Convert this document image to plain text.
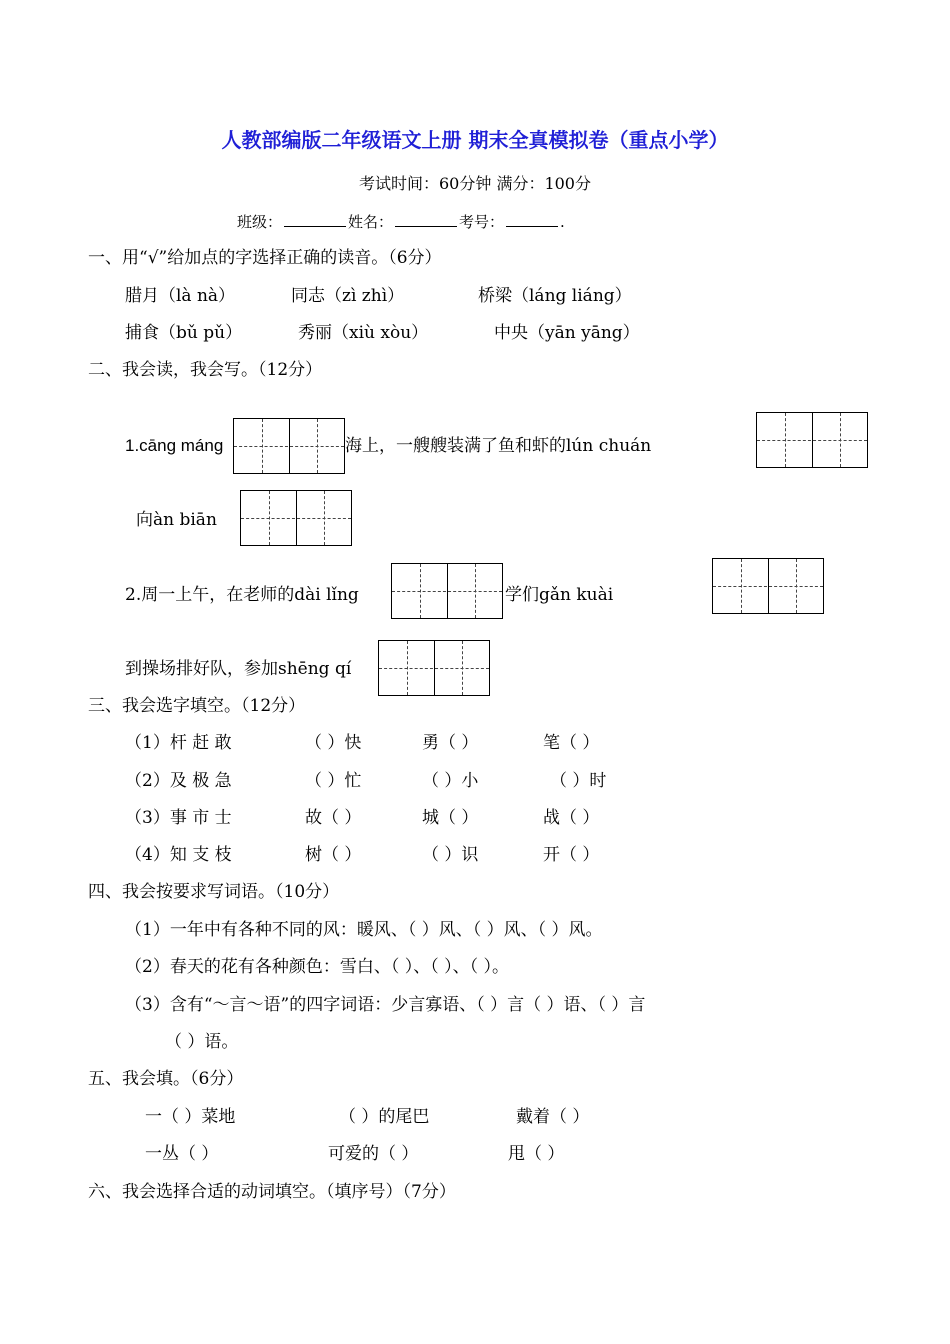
人教部编版二年级语文上册 期末全真模拟卷（重点小学）
考试时间：60分钟 满分：100分
班级：	姓名：	考号：	.
一、用“√”给加点的字选择正确的读音。（6分）
腊月（là nà）	同志（zì zhì）	桥梁（láng liáng）
捕食（bǔ pǔ）	秀丽（xiù xòu）	中央（yān yāng）
二、我会读，我会写。（12分）
1.cāng máng	海上，一艘艘装满了鱼和虾的lún chuán
向àn biān
2.周一上午，在老师的dài lǐng	学们gǎn kuài
到操场排好队，参加shēng qí
三、我会选字填空。（12分）
（1）杆 赶 敢	（ ）快	勇（ ）	笔（ ）
（2）及 极 急	（ ）忙	（ ）小	（ ）时
（3）事 市 士	故（ ）	城（ ）	战（ ）
（4）知 支 枝	树（ ）	（ ）识	开（ ）
四、我会按要求写词语。（10分）
（1）一年中有各种不同的风：暖风、（ ）风、（ ）风、（ ）风。
（2）春天的花有各种颜色：雪白、（ ）、（ ）、（ ）。
（3）含有“～言～语”的四字词语：少言寡语、（ ）言（ ）语、（ ）言
（ ）语。
五、我会填。（6分）
一（ ）菜地	（ ）的尾巴	戴着（ ）
一丛（ ）	可爱的（ ）	甩（ ）
六、我会选择合适的动词填空。（填序号）（7分）
